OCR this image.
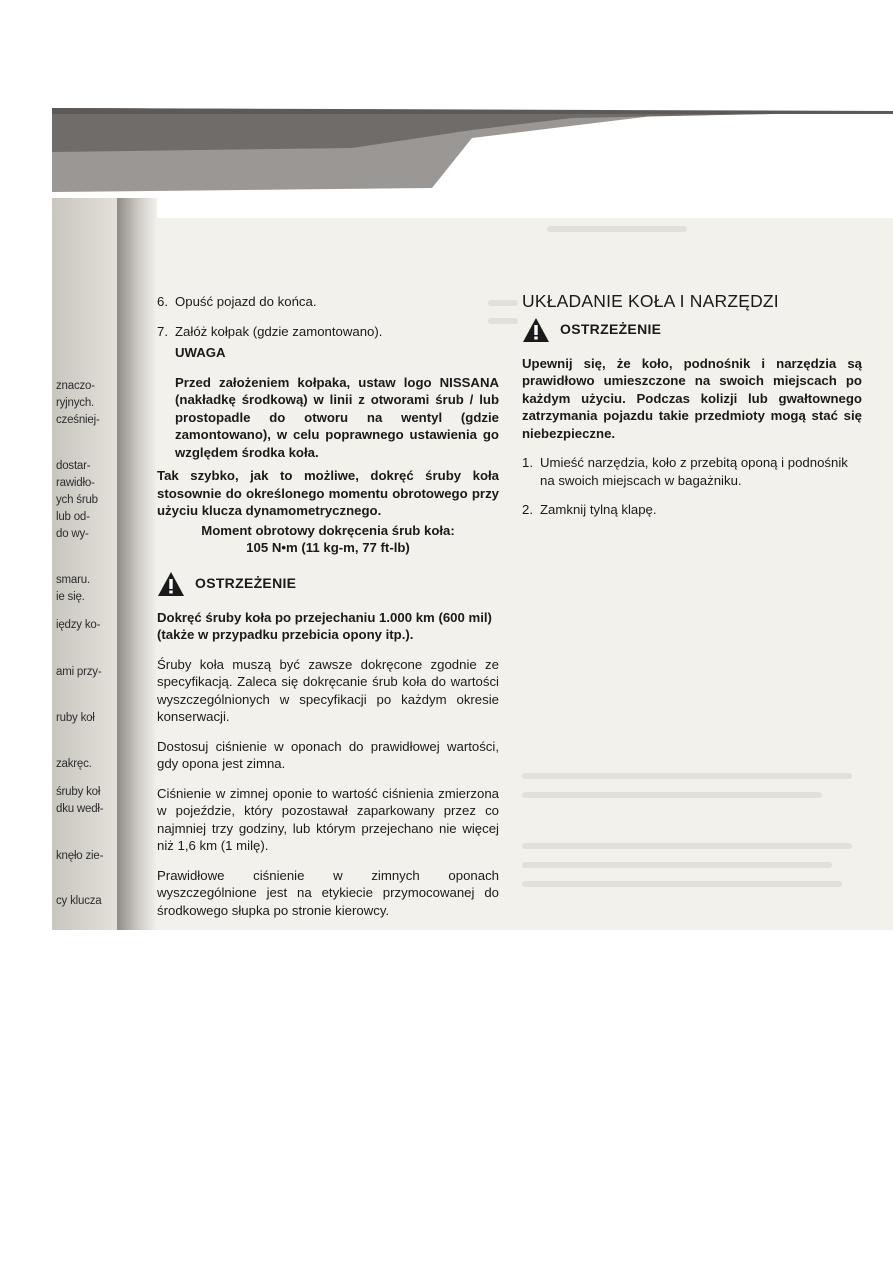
znaczo-
ryjnych.
cześniej-
dostar-
rawidło-
ych śrub
lub od-
do wy-
smaru.
ie się.
iędzy ko-
ami przy-
ruby koł
zakręc.
śruby koł
dku wedł-
knęło zie-
cy klucza
6. Opuść pojazd do końca.
7. Załóż kołpak (gdzie zamontowano).

UWAGA

Przed założeniem kołpaka, ustaw logo NISSANA (nakładkę środkową) w linii z otworami śrub / lub prostopadle do otworu na wentyl (gdzie zamontowano), w celu poprawnego ustawienia go względem środka koła.

Tak szybko, jak to możliwe, dokręć śruby koła stosownie do określonego momentu obrotowego przy użyciu klucza dynamometrycznego.

Moment obrotowy dokręcenia śrub koła:

105 N•m (11 kg-m, 77 ft-lb)

OSTRZEŻENIE

Dokręć śruby koła po przejechaniu 1.000 km (600 mil) (także w przypadku przebicia opony itp.).

Śruby koła muszą być zawsze dokręcone zgodnie ze specyfikacją. Zaleca się dokręcanie śrub koła do wartości wyszczególnionych w specyfikacji po każdym okresie konserwacji.

Dostosuj ciśnienie w oponach do prawidłowej wartości, gdy opona jest zimna.

Ciśnienie w zimnej oponie to wartość ciśnienia zmierzona w pojeździe, który pozostawał zaparkowany przez co najmniej trzy godziny, lub którym przejechano nie więcej niż 1,6 km (1 milę).

Prawidłowe ciśnienie w zimnych oponach wyszczególnione jest na etykiecie przymocowanej do środkowego słupka po stronie kierowcy.

UKŁADANIE KOŁA I NARZĘDZI

OSTRZEŻENIE

Upewnij się, że koło, podnośnik i narzędzia są prawidłowo umieszczone na swoich miejscach po każdym użyciu. Podczas kolizji lub gwałtownego zatrzymania pojazdu takie przedmioty mogą stać się niebezpieczne.

1. Umieść narzędzia, koło z przebitą oponą i podnośnik na swoich miejscach w bagażniku.
2. Zamknij tylną klapę.
